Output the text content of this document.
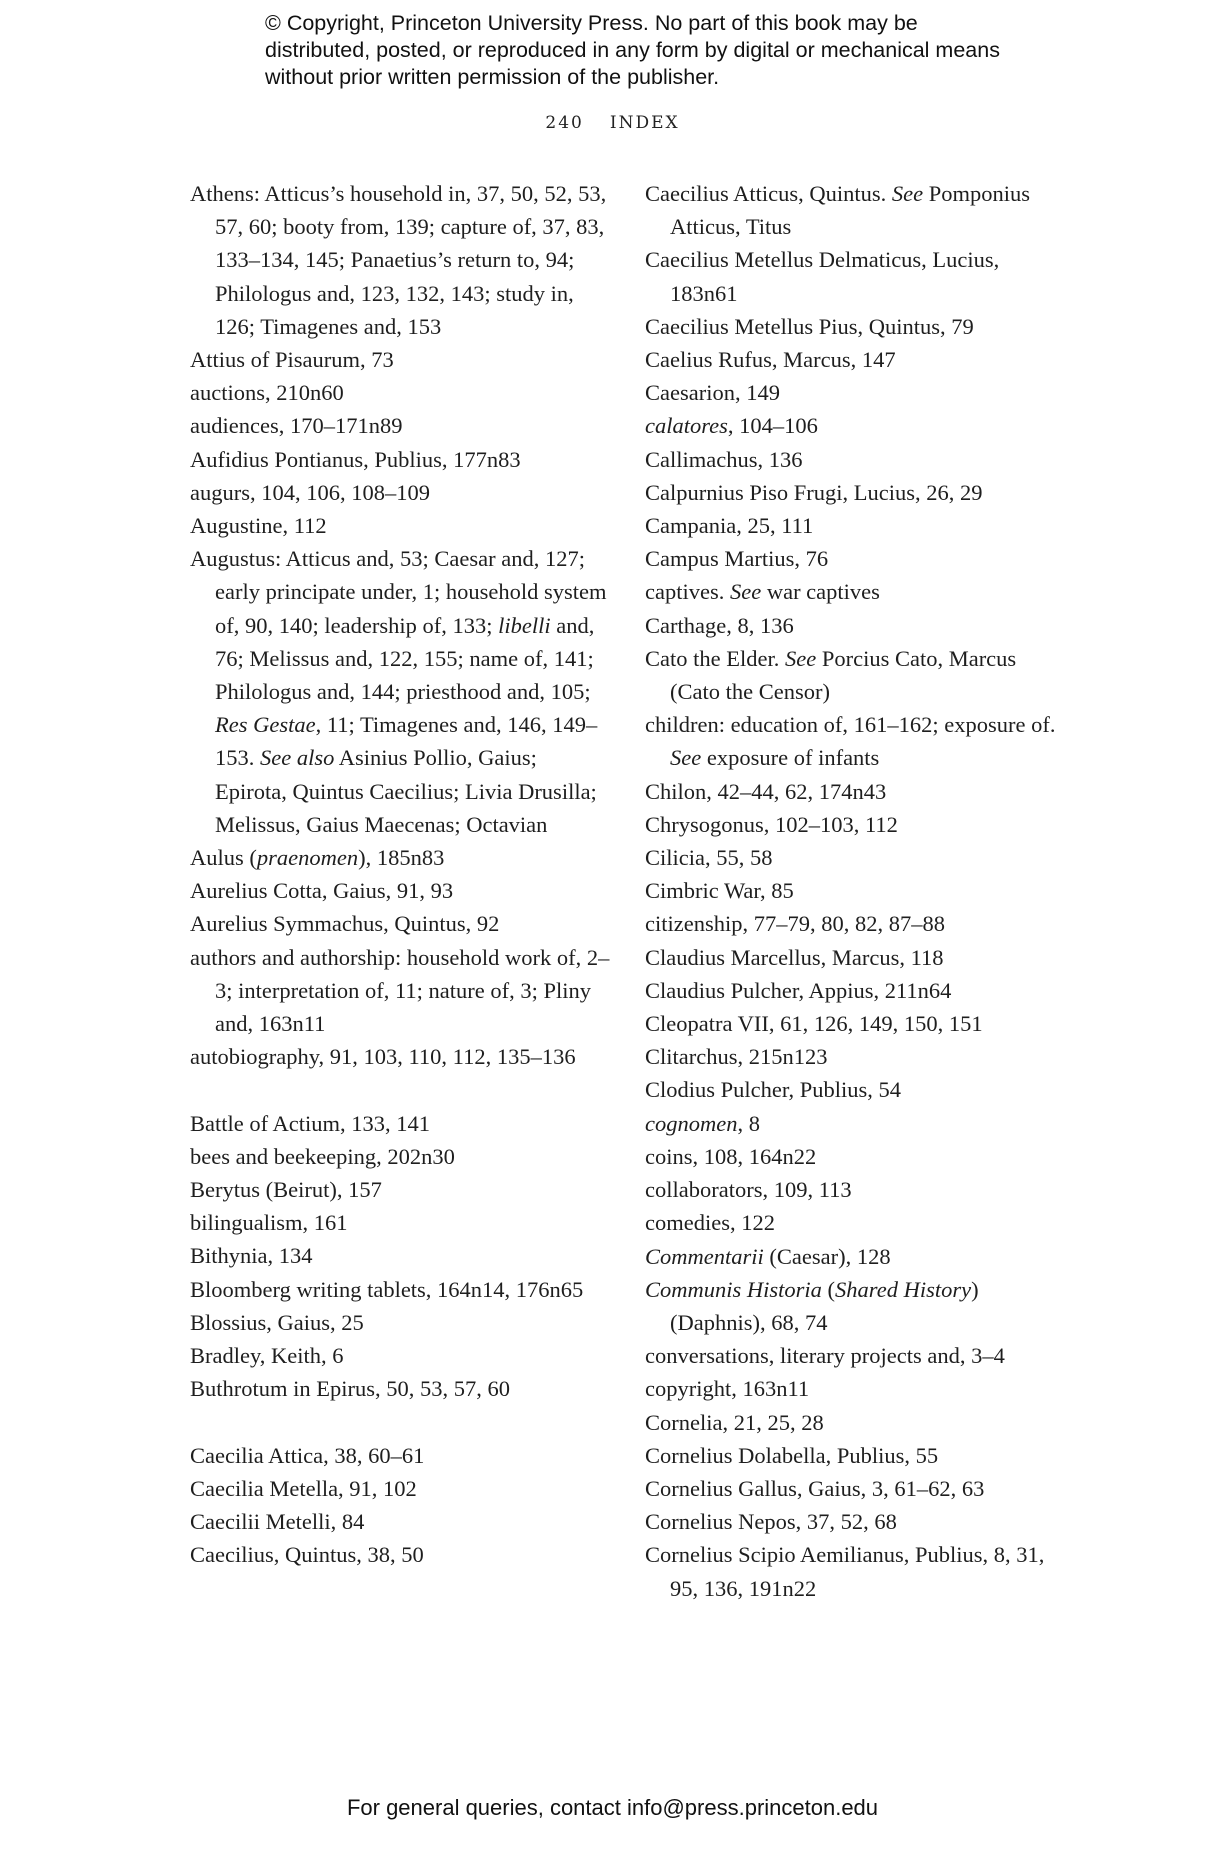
© Copyright, Princeton University Press. No part of this book may be distributed, posted, or reproduced in any form by digital or mechanical means without prior written permission of the publisher.
240 INDEX

Athens: Atticus’s household in, 37, 50, 52, 53, 57, 60; booty from, 139; capture of, 37, 83, 133–134, 145; Panaetius’s return to, 94; Philologus and, 123, 132, 143; study in, 126; Timagenes and, 153

Attius of Pisaurum, 73

auctions, 210n60

audiences, 170–171n89

Aufidius Pontianus, Publius, 177n83

augurs, 104, 106, 108–109

Augustine, 112

Augustus: Atticus and, 53; Caesar and, 127; early principate under, 1; household system of, 90, 140; leadership of, 133; libelli and, 76; Melissus and, 122, 155; name of, 141; Philologus and, 144; priesthood and, 105; Res Gestae, 11; Timagenes and, 146, 149–153. See also Asinius Pollio, Gaius; Epirota, Quintus Caecilius; Livia Drusilla; Melissus, Gaius Maecenas; Octavian

Aulus (praenomen), 185n83

Aurelius Cotta, Gaius, 91, 93

Aurelius Symmachus, Quintus, 92

authors and authorship: household work of, 2–3; interpretation of, 11; nature of, 3; Pliny and, 163n11

autobiography, 91, 103, 110, 112, 135–136

Battle of Actium, 133, 141

bees and beekeeping, 202n30

Berytus (Beirut), 157

bilingualism, 161

Bithynia, 134

Bloomberg writing tablets, 164n14, 176n65

Blossius, Gaius, 25

Bradley, Keith, 6

Buthrotum in Epirus, 50, 53, 57, 60

Caecilia Attica, 38, 60–61

Caecilia Metella, 91, 102

Caecilii Metelli, 84

Caecilius, Quintus, 38, 50

Caecilius Atticus, Quintus. See Pomponius Atticus, Titus

Caecilius Metellus Delmaticus, Lucius, 183n61

Caecilius Metellus Pius, Quintus, 79

Caelius Rufus, Marcus, 147

Caesarion, 149

calatores, 104–106

Callimachus, 136

Calpurnius Piso Frugi, Lucius, 26, 29

Campania, 25, 111

Campus Martius, 76

captives. See war captives

Carthage, 8, 136

Cato the Elder. See Porcius Cato, Marcus (Cato the Censor)

children: education of, 161–162; exposure of. See exposure of infants

Chilon, 42–44, 62, 174n43

Chrysogonus, 102–103, 112

Cilicia, 55, 58

Cimbric War, 85

citizenship, 77–79, 80, 82, 87–88

Claudius Marcellus, Marcus, 118

Claudius Pulcher, Appius, 211n64

Cleopatra VII, 61, 126, 149, 150, 151

Clitarchus, 215n123

Clodius Pulcher, Publius, 54

cognomen, 8

coins, 108, 164n22

collaborators, 109, 113

comedies, 122

Commentarii (Caesar), 128

Communis Historia (Shared History) (Daphnis), 68, 74

conversations, literary projects and, 3–4

copyright, 163n11

Cornelia, 21, 25, 28

Cornelius Dolabella, Publius, 55

Cornelius Gallus, Gaius, 3, 61–62, 63

Cornelius Nepos, 37, 52, 68

Cornelius Scipio Aemilianus, Publius, 8, 31, 95, 136, 191n22

For general queries, contact info@press.princeton.edu
